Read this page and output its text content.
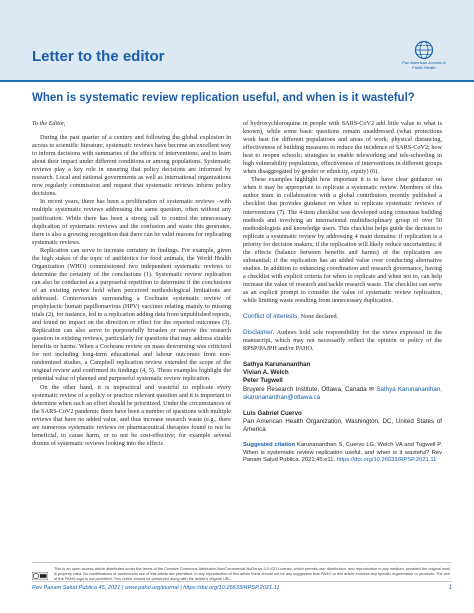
Letter to the editor	Pan American Journal of Public Health
When is systematic review replication useful, and when is it wasteful?

To the Editor,

During the past quarter of a century and following the global explosion in access to scientific literature, systematic reviews have become an excellent way to inform decisions with summaries of the effects of interventions, and to learn about their impact under different conditions or among populations. Systematic reviews play a key role in ensuring that policy decisions are informed by research. Local and national governments as well as international organizations now regularly commission and request that systematic reviews inform policy decisions.

In recent years, there has been a proliferation of systematic reviews –with multiple systematic reviews addressing the same question, often without any justification. While there has been a strong call to control the unnecessary duplication of systematic reviews and the confusion and waste this generates, there is also a growing recognition that there can be valid reasons for replicating systematic reviews.

Replication can serve to increase certainty in findings. For example, given the high stakes of the topic of antibiotics for food animals, the World Health Organization (WHO) commissioned two independent systematic reviews to determine the certainty of the conclusions (1). Systematic review replication can also be conducted as a purposeful repetition to determine if the conclusions of an existing review hold when perceived methodological limitations are addressed. Controversies surrounding a Cochrane systematic review of prophylactic human papillomavirus (HPV) vaccines relating mainly to missing trials (2), for instance, led to a replication adding data from unpublished reports, and found no impact on the direction or effect for the reported outcomes (3). Replication can also serve to purposefully broaden or narrow the research question in existing reviews, particularly for questions that may address sizable benefits or harms. When a Cochrane review on mass deworming was criticized for not including long-term educational and labour outcomes from non-randomized studies, a Campbell replication review extended the scope of the original review and confirmed its findings (4, 5). These examples highlight the potential value of planned and purposeful systematic review replication.

On the other hand, it is impractical and wasteful to replicate every systematic review of a policy or practice relevant question and it is important to determine when such an effort should be prioritized. Under the circumstances of the SARS-CoV2 pandemic there have been a number of questions with multiple reviews that have no added value, and thus increase research waste (e.g., there are numerous systematic reviews on pharmaceutical therapies found to not be beneficial, to cause harm, or to not be cost-effective; for example several dozens of systematic reviews looking into the effects

of hydroxychloroquine in people with SARS-CoV2 add little value to what is known), while some basic questions remain unaddressed (what protections work best for different populations and areas of work, physical distancing, effectiveness of building measures to reduce the incidence of SARS-CoV2; how best to reopen schools; strategies to enable teleworking and tele-schooling in high vulnerability populations, effectiveness of interventions in different groups when disaggregated by gender or ethnicity, equity) (6).

These examples highlight how important it is to have clear guidance on when it may be appropriate to replicate a systematic review. Members of this author team in collaboration with a global contributors recently published a checklist that provides guidance on when to replicate systematic reviews of interventions (7). The 4-item checklist was developed using consensus building methods and involving an international multidisciplinary group of over 50 methodologists and knowledge users. This checklist helps guide the decision to replicate a systematic review by addressing 4 main domains: if replication is a priority for decision makers; if the replication will likely reduce uncertainties; if the effects (balance between benefits and harms) of the replication are substantial; if the replication has an added value over conducting alternative studies. In addition to enhancing coordination and research governance, having a checklist with explicit criteria for when to replicate and when not to, can help increase the value of research and tackle research waste. The checklist can serve as an explicit prompt to consider the value of systematic review replication, while limiting waste resulting from unnecessary duplication.

Conflict of interests. None declared.
Disclaimer. Authors hold sole responsibility for the views expressed in the manuscript, which may not necessarily reflect the opinion or policy of the RPSP/PAJPH and/or PAHO.
Sathya Karunananthan
Vivian A. Welch
Peter Tugwell
Bruyere Research Institute, Ottawa, Canada ✉ Sathya Karunananthan, skarunananthan@ottawa.ca
Luis Gabriel Cuervo
Pan American Health Organization, Washington, DC, United States of America
Suggested citation Karunananthan S, Cuervo LG, Welch VA and Tugwell P. When is systematic review replication useful, and when is it wasteful? Rev Panam Salud Publica. 2021;45:e11. https://doi.org/10.26633/RPSP.2021.11
This is an open access article distributed under the terms of the Creative Commons Attribution-NonCommercial-NoDerivs 3.0 IGO License, which permits use, distribution, and reproduction in any medium, provided the original work is properly cited. No modifications or commercial use of this article are permitted. In any reproduction of this article there should not be any suggestion that PAHO or this article endorse any specific organization or products. The use of the PAHO logo is not permitted. This notice should be preserved along with the article's original URL.
Rev Panam Salud Publica 45, 2021 | www.paho.org/journal | https://doi.org/10.26633/RPSP.2021.11	1
